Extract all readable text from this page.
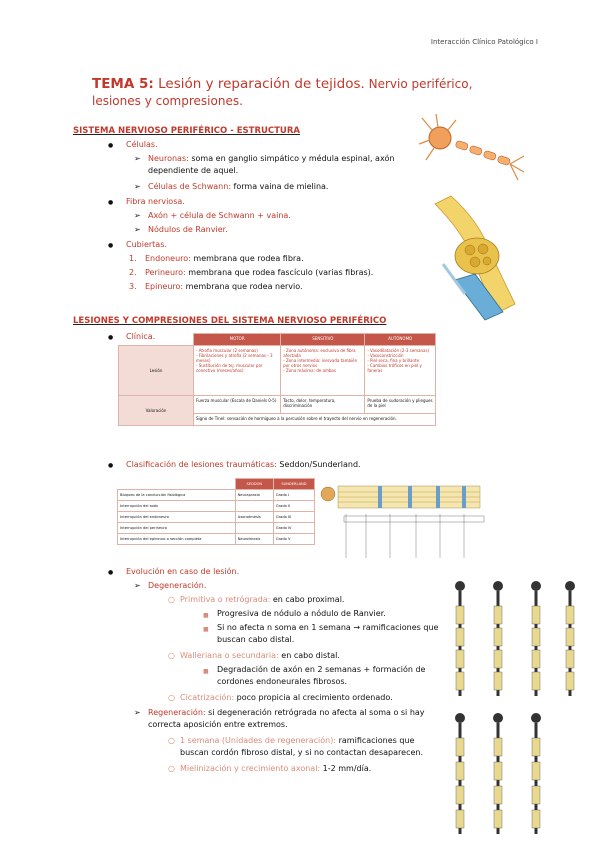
Interacción Clínico Patológico I
TEMA 5: Lesión y reparación de tejidos. Nervio periférico,
lesiones y compresiones.
SISTEMA NERVIOSO PERIFÉRICO - ESTRUCTURA
● Células.
➢ Neuronas: soma en ganglio simpático y médula espinal, axón
dependiente de aquel.
➢ Células de Schwann: forma vaina de mielina.
● Fibra nerviosa.
➢ Axón + célula de Schwann + vaina.
➢ Nódulos de Ranvier.
● Cubiertas.
1. Endoneuro: membrana que rodea fibra.
2. Perineuro: membrana que rodea fascículo (varias fibras).
3. Epineuro: membrana que rodea nervio.
LESIONES Y COMPRESIONES DEL SISTEMA NERVIOSO PERIFÉRICO
● Clínica.
		MOTOR	SENSITIVO	AUTÓNOMO
Lesión	- Atrofia muscular (2 semanas)
- Fibrilaciones y atrofia (2 semanas - 3 meses)
- Sustitución de tej. muscular por conectivo (meses/años)	- Zona autónoma: exclusiva de fibra afectada
- Zona intermedia: inervada también por otros nervios
- Zona máxima: de ambas	- Vasodilatación (2-3 semanas)
- Vasoconstricción
- Piel seca, fina y brillante
- Cambios tróficos en piel y faneras
Valoración	Fuerza muscular (Escala de Daniels 0-5)	Tacto, dolor, temperatura, discriminación	Prueba de sudoración y pliegues de la piel
	Signo de Tinel: sensación de hormigueo a la percusión sobre el trayecto del nervio en regeneración.		
● Clasificación de lesiones traumáticas: Seddon/Sunderland.
	SEDDON	SUNDERLAND
Bloqueo de la conducción fisiológica	Neurapraxia	Grado I
Interrupción del axón		Grado II
Interrupción del endoneuro	Axonotmesis	Grado III
Interrupción del perineuro		Grado IV
Interrupción del epineuro o sección completa	Neurotmesis	Grado V
● Evolución en caso de lesión.
➢ Degeneración.
○ Primitiva o retrógrada: en cabo proximal.
■ Progresiva de nódulo a nódulo de Ranvier.
■ Si no afecta n soma en 1 semana → ramificaciones que
buscan cabo distal.
○ Walleriana o secundaria: en cabo distal.
■ Degradación de axón en 2 semanas + formación de
cordones endoneurales fibrosos.
○ Cicatrización: poco propicia al crecimiento ordenado.
➢ Regeneración: si degeneración retrógrada no afecta al soma o si hay
correcta aposición entre extremos.
○ 1 semana (Unidades de regeneración): ramificaciones que
buscan cordón fibroso distal, y si no contactan desaparecen.
○ Mielinización y crecimiento axonal: 1-2 mm/día.
